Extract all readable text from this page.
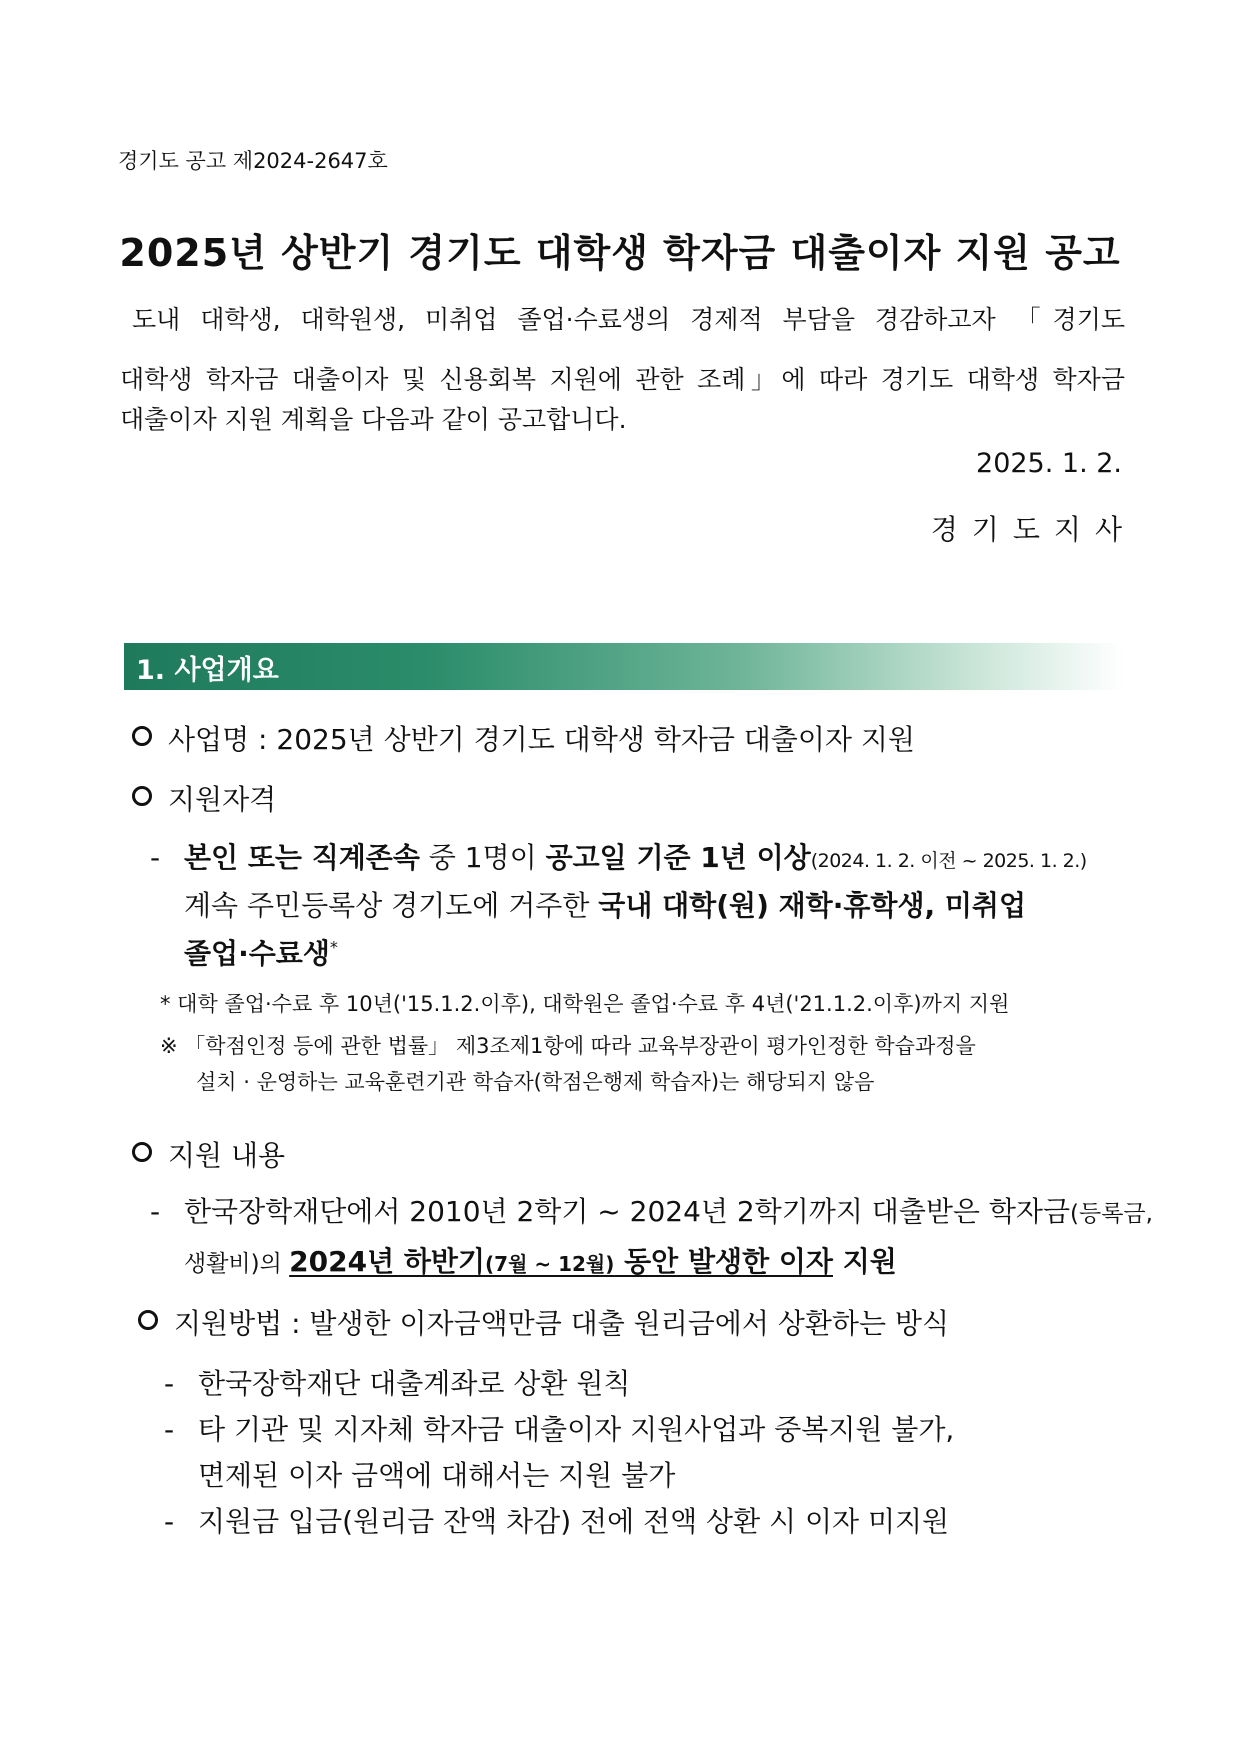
경기도 공고 제2024-2647호
2025년 상반기 경기도 대학생 학자금 대출이자 지원 공고
도내 대학생, 대학원생, 미취업 졸업·수료생의 경제적 부담을 경감하고자 「경기도
대학생 학자금 대출이자 및 신용회복 지원에 관한 조례」에 따라 경기도 대학생 학자금
대출이자 지원 계획을 다음과 같이 공고합니다.
2025. 1. 2.
경기도지사
1. 사업개요
사업명 : 2025년 상반기 경기도 대학생 학자금 대출이자 지원
지원자격
- 본인 또는 직계존속 중 1명이 공고일 기준 1년 이상(2024. 1. 2. 이전 ~ 2025. 1. 2.)
계속 주민등록상 경기도에 거주한 국내 대학(원) 재학·휴학생, 미취업
졸업·수료생*
* 대학 졸업·수료 후 10년('15.1.2.이후), 대학원은 졸업·수료 후 4년('21.1.2.이후)까지 지원
※ 「학점인정 등에 관한 법률」 제3조제1항에 따라 교육부장관이 평가인정한 학습과정을
설치 · 운영하는 교육훈련기관 학습자(학점은행제 학습자)는 해당되지 않음
지원 내용
- 한국장학재단에서 2010년 2학기 ~ 2024년 2학기까지 대출받은 학자금(등록금,
생활비)의 2024년 하반기(7월 ~ 12월) 동안 발생한 이자 지원
지원방법 : 발생한 이자금액만큼 대출 원리금에서 상환하는 방식
- 한국장학재단 대출계좌로 상환 원칙
- 타 기관 및 지자체 학자금 대출이자 지원사업과 중복지원 불가,
면제된 이자 금액에 대해서는 지원 불가
- 지원금 입금(원리금 잔액 차감) 전에 전액 상환 시 이자 미지원
